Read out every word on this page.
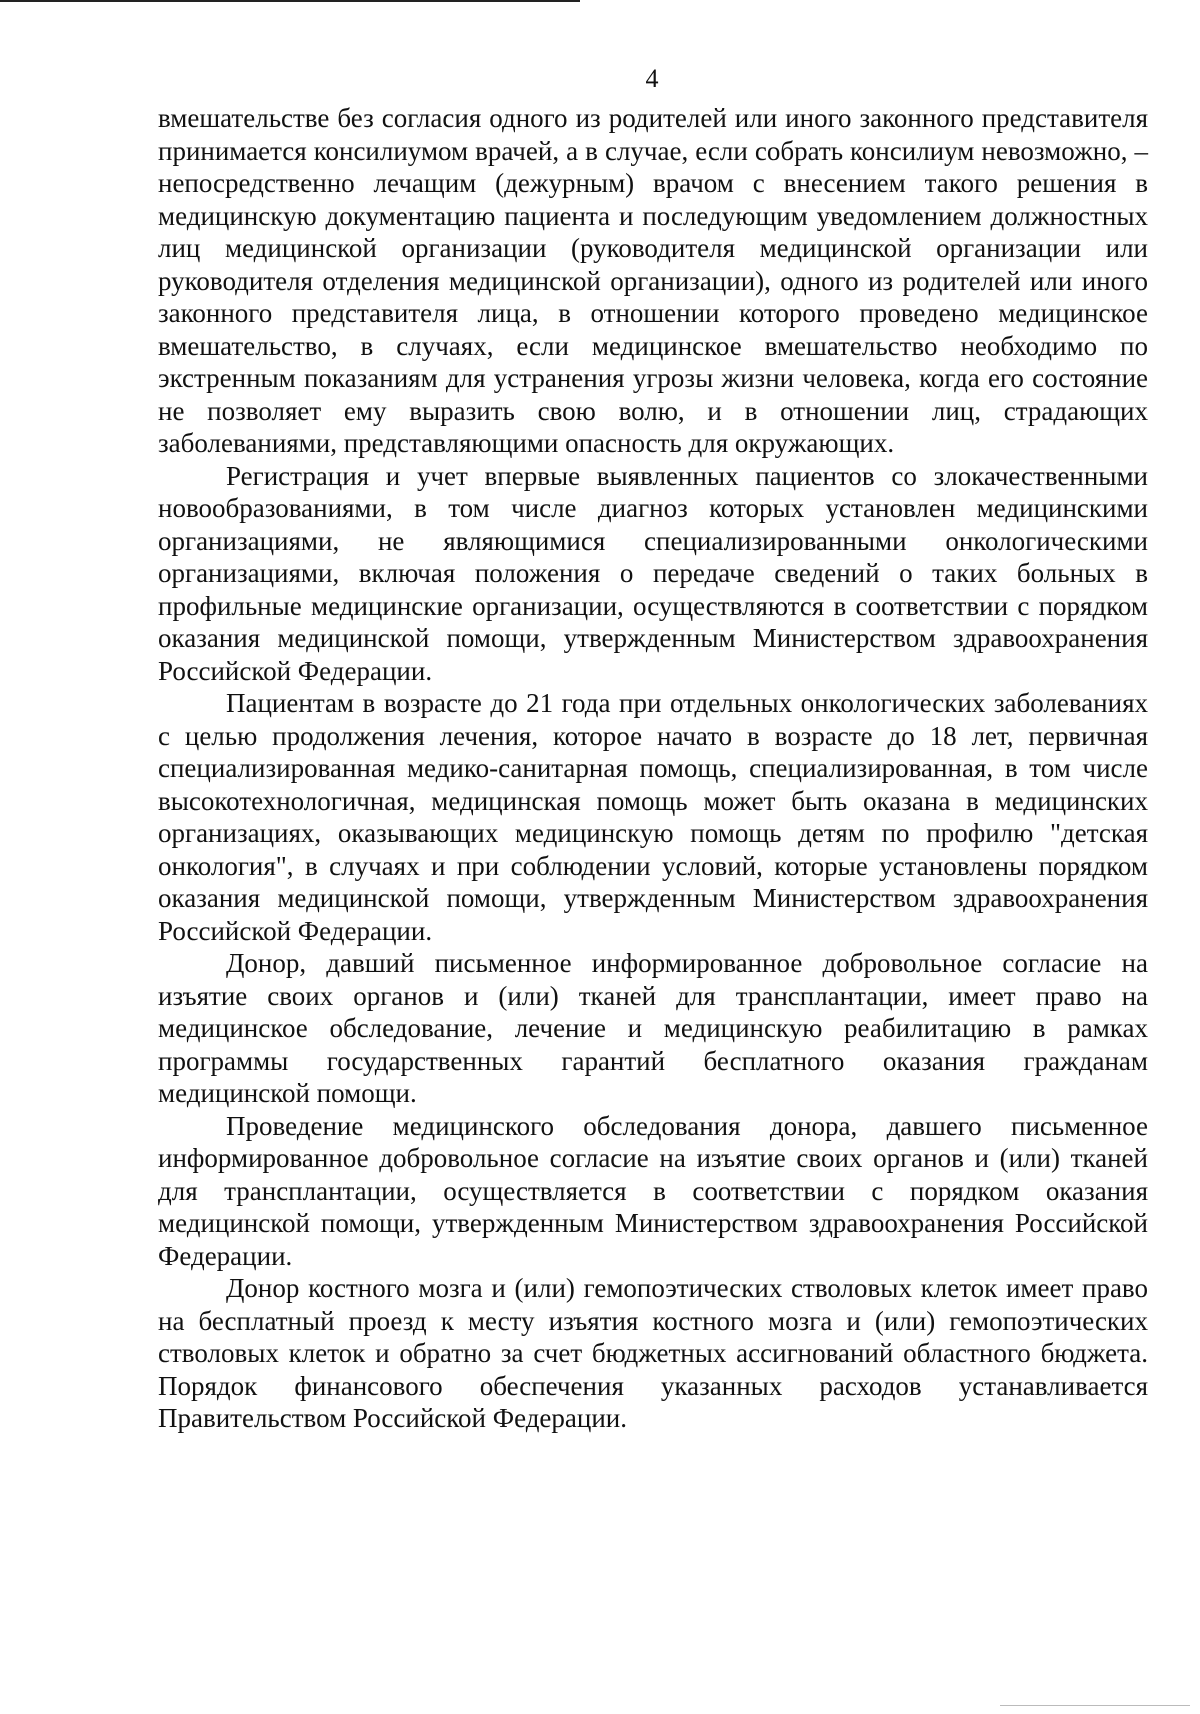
4

вмешательстве без согласия одного из родителей или иного законного представителя принимается консилиумом врачей, а в случае, если собрать консилиум невозможно, – непосредственно лечащим (дежурным) врачом с внесением такого решения в медицинскую документацию пациента и последующим уведомлением должностных лиц медицинской организации (руководителя медицинской организации или руководителя отделения медицинской организации), одного из родителей или иного законного представителя лица, в отношении которого проведено медицинское вмешательство, в случаях, если медицинское вмешательство необходимо по экстренным показаниям для устранения угрозы жизни человека, когда его состояние не позволяет ему выразить свою волю, и в отношении лиц, страдающих заболеваниями, представляющими опасность для окружающих.

Регистрация и учет впервые выявленных пациентов со злокачественными новообразованиями, в том числе диагноз которых установлен медицинскими организациями, не являющимися специализированными онкологическими организациями, включая положения о передаче сведений о таких больных в профильные медицинские организации, осуществляются в соответствии с порядком оказания медицинской помощи, утвержденным Министерством здравоохранения Российской Федерации.

Пациентам в возрасте до 21 года при отдельных онкологических заболеваниях с целью продолжения лечения, которое начато в возрасте до 18 лет, первичная специализированная медико-санитарная помощь, специализированная, в том числе высокотехнологичная, медицинская помощь может быть оказана в медицинских организациях, оказывающих медицинскую помощь детям по профилю "детская онкология", в случаях и при соблюдении условий, которые установлены порядком оказания медицинской помощи, утвержденным Министерством здравоохранения Российской Федерации.

Донор, давший письменное информированное добровольное согласие на изъятие своих органов и (или) тканей для трансплантации, имеет право на медицинское обследование, лечение и медицинскую реабилитацию в рамках программы государственных гарантий бесплатного оказания гражданам медицинской помощи.

Проведение медицинского обследования донора, давшего письменное информированное добровольное согласие на изъятие своих органов и (или) тканей для трансплантации, осуществляется в соответствии с порядком оказания медицинской помощи, утвержденным Министерством здравоохранения Российской Федерации.

Донор костного мозга и (или) гемопоэтических стволовых клеток имеет право на бесплатный проезд к месту изъятия костного мозга и (или) гемопоэтических стволовых клеток и обратно за счет бюджетных ассигнований областного бюджета. Порядок финансового обеспечения указанных расходов устанавливается Правительством Российской Федерации.
